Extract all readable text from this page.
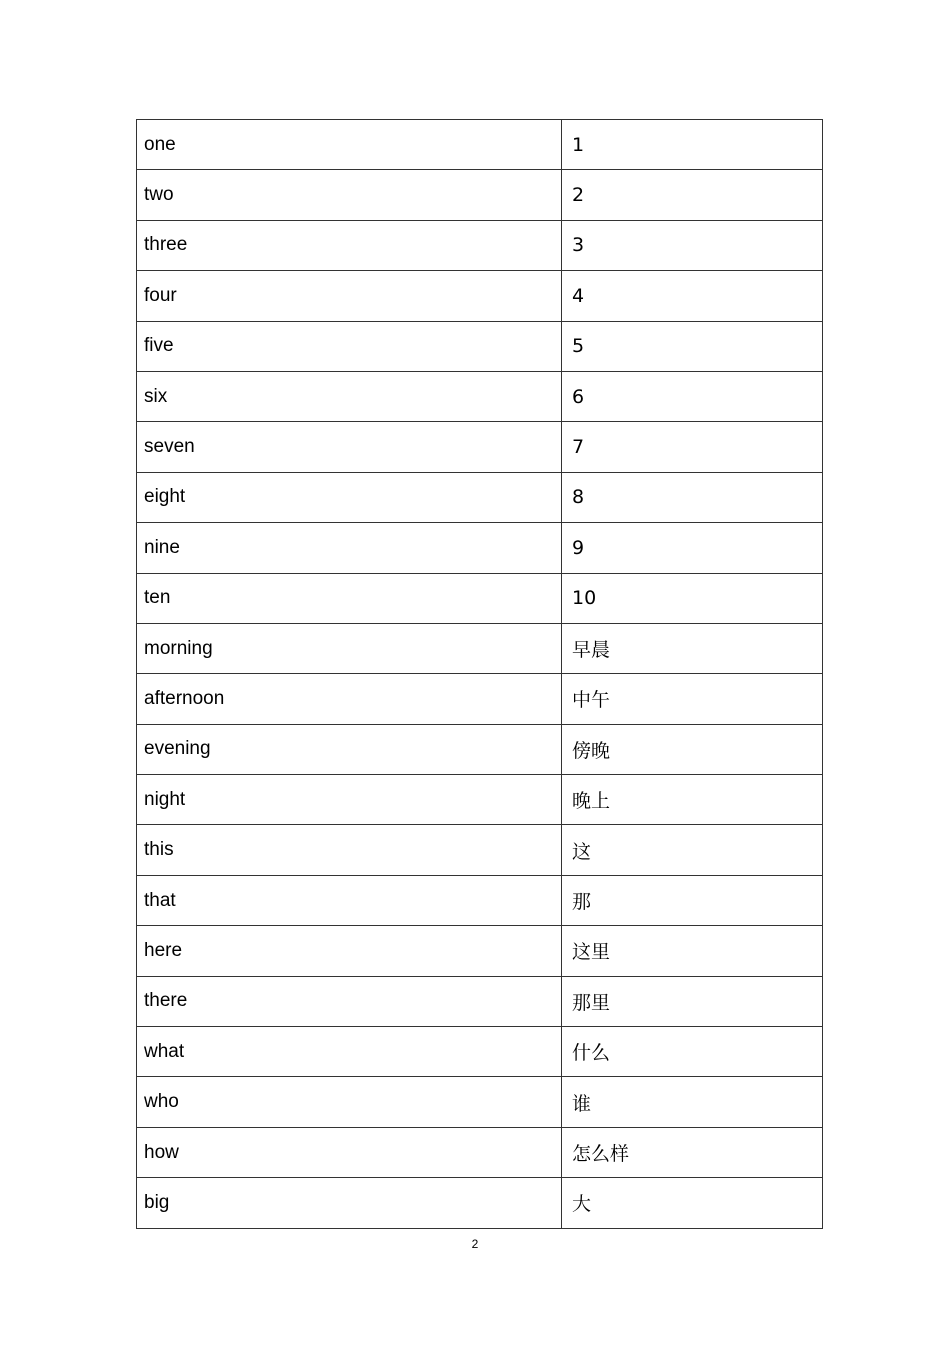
one	1
two	2
three	3
four	4
five	5
six	6
seven	7
eight	8
nine	9
ten	10
morning	早晨
afternoon	中午
evening	傍晚
night	晚上
this	这
that	那
here	这里
there	那里
what	什么
who	谁
how	怎么样
big	大
2
